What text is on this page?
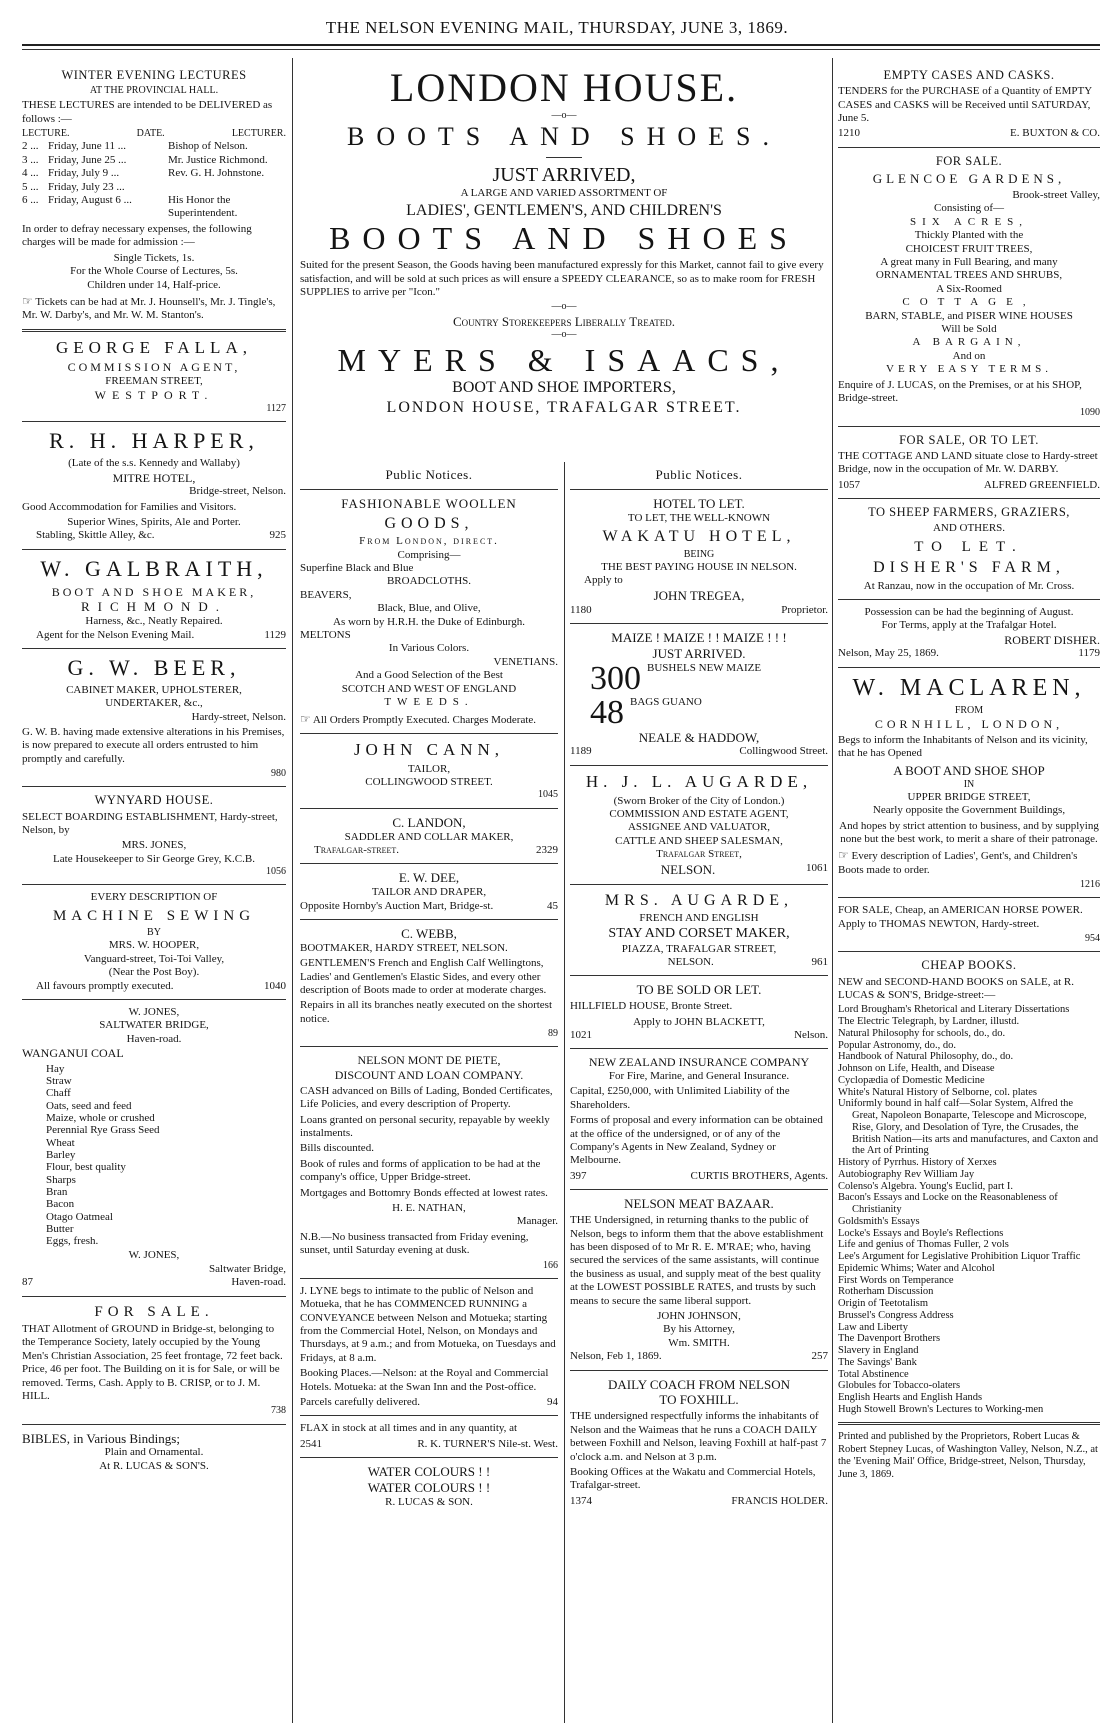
THE NELSON EVENING MAIL, THURSDAY, JUNE 3, 1869.
WINTER EVENING LECTURES
AT THE PROVINCIAL HALL.

THESE LECTURES are intended to be DELIVERED as follows :—

LECTURE.	DATE.	LECTURER.
2 ... Friday, June 11 ...	Bishop of Nelson.
3 ... Friday, June 25 ...	Mr. Justice Richmond.
4 ... Friday, July 9 ...	Rev. G. H. Johnstone.
5 ... Friday, July 23 ...
6 ... Friday, August 6 ...	His Honor the Superintendent.

In order to defray necessary expenses, the following charges will be made for admission :—

Single Tickets, 1s.
For the Whole Course of Lectures, 5s.
Children under 14, Half-price.

☞ Tickets can be had at Mr. J. Hounsell's, Mr. J. Tingle's, Mr. W. Darby's, and Mr. W. M. Stanton's.

GEORGE FALLA,
COMMISSION AGENT,
FREEMAN STREET,
WESTPORT.
1127
R. H. HARPER,
(Late of the s.s. Kennedy and Wallaby)
MITRE HOTEL,
Bridge-street, Nelson.

Good Accommodation for Families and Visitors.

Superior Wines, Spirits, Ale and Porter.
Stabling, Skittle Alley, &c.	925
W. GALBRAITH,
BOOT AND SHOE MAKER,
RICHMOND.
Harness, &c., Neatly Repaired.
Agent for the Nelson Evening Mail.	1129
G. W. BEER,
CABINET MAKER, UPHOLSTERER,
UNDERTAKER, &c.,
Hardy-street, Nelson.

G. W. B. having made extensive alterations in his Premises, is now prepared to execute all orders entrusted to him promptly and carefully.

980
WYNYARD HOUSE.

SELECT BOARDING ESTABLISHMENT, Hardy-street, Nelson, by

MRS. JONES,
Late Housekeeper to Sir George Grey, K.C.B.
1056
EVERY DESCRIPTION OF
MACHINE SEWING
BY
MRS. W. HOOPER,
Vanguard-street, Toi-Toi Valley,
(Near the Post Boy).
All favours promptly executed.	1040
W. JONES,
SALTWATER BRIDGE,
Haven-road.
WANGANUI COAL
Hay
Straw
Chaff
Oats, seed and feed
Maize, whole or crushed
Perennial Rye Grass Seed
Wheat
Barley
Flour, best quality
Sharps
Bran
Bacon
Otago Oatmeal
Butter
Eggs, fresh.
W. JONES,
Saltwater Bridge,
87	Haven-road.
FOR SALE.

THAT Allotment of GROUND in Bridge-st, belonging to the Temperance Society, lately occupied by the Young Men's Christian Association, 25 feet frontage, 72 feet back. Price, 46 per foot. The Building on it is for Sale, or will be removed. Terms, Cash. Apply to B. CRISP, or to J. M. HILL.

738
BIBLES, in Various Bindings;
Plain and Ornamental.
At R. LUCAS & SON'S.
LONDON HOUSE.
—o—
BOOTS AND SHOES.
JUST ARRIVED,
A LARGE AND VARIED ASSORTMENT OF
LADIES', GENTLEMEN'S, AND CHILDREN'S
BOOTS AND SHOES

Suited for the present Season, the Goods having been manufactured expressly for this Market, cannot fail to give every satisfaction, and will be sold at such prices as will ensure a SPEEDY CLEARANCE, so as to make room for FRESH SUPPLIES to arrive per "Icon."

—o—
Country Storekeepers Liberally Treated.
—o—
MYERS & ISAACS,
BOOT AND SHOE IMPORTERS,
LONDON HOUSE, TRAFALGAR STREET.
Public Notices.
FASHIONABLE WOOLLEN
GOODS,
From London, direct.
Comprising—
Superfine Black and Blue
BROADCLOTHS.
BEAVERS,
Black, Blue, and Olive,
As worn by H.R.H. the Duke of Edinburgh.
MELTONS
In Various Colors.
VENETIANS.
And a Good Selection of the Best
SCOTCH AND WEST OF ENGLAND
TWEEDS.

☞ All Orders Promptly Executed. Charges Moderate.

JOHN CANN,
TAILOR,
COLLINGWOOD STREET.
1045
C. LANDON,
SADDLER AND COLLAR MAKER,
Trafalgar-street.	2329
E. W. DEE,
TAILOR AND DRAPER,
Opposite Hornby's Auction Mart, Bridge-st.	45
C. WEBB,
BOOTMAKER, HARDY STREET, NELSON.

GENTLEMEN'S French and English Calf Wellingtons, Ladies' and Gentlemen's Elastic Sides, and every other description of Boots made to order at moderate charges.

Repairs in all its branches neatly executed on the shortest notice.

89
NELSON MONT DE PIETE,
DISCOUNT AND LOAN COMPANY.

CASH advanced on Bills of Lading, Bonded Certificates, Life Policies, and every description of Property.

Loans granted on personal security, repayable by weekly instalments.

Bills discounted.

Book of rules and forms of application to be had at the company's office, Upper Bridge-street.

Mortgages and Bottomry Bonds effected at lowest rates.

H. E. NATHAN,
Manager.

N.B.—No business transacted from Friday evening, sunset, until Saturday evening at dusk.

166

J. LYNE begs to intimate to the public of Nelson and Motueka, that he has COMMENCED RUNNING a CONVEYANCE between Nelson and Motueka; starting from the Commercial Hotel, Nelson, on Mondays and Thursdays, at 9 a.m.; and from Motueka, on Tuesdays and Fridays, at 8 a.m.

Booking Places.—Nelson: at the Royal and Commercial Hotels. Motueka: at the Swan Inn and the Post-office.

Parcels carefully delivered.	94

FLAX in stock at all times and in any quantity, at

2541	R. K. TURNER'S Nile-st. West.
WATER COLOURS ! !
WATER COLOURS ! !
R. LUCAS & SON.
Public Notices.
HOTEL TO LET.
TO LET, THE WELL-KNOWN
WAKATU HOTEL,
BEING
THE BEST PAYING HOUSE IN NELSON.
Apply to
JOHN TREGEA,
1180	Proprietor.
MAIZE ! MAIZE ! ! MAIZE ! ! !
JUST ARRIVED.
300 BUSHELS NEW MAIZE
48 BAGS GUANO
NEALE & HADDOW,
1189	Collingwood Street.
H. J. L. AUGARDE,
(Sworn Broker of the City of London.)
COMMISSION AND ESTATE AGENT,
ASSIGNEE AND VALUATOR,
CATTLE AND SHEEP SALESMAN,
Trafalgar Street,
NELSON.	1061
MRS. AUGARDE,
FRENCH AND ENGLISH
STAY AND CORSET MAKER,
PIAZZA, TRAFALGAR STREET,
NELSON.	961
TO BE SOLD OR LET.

HILLFIELD HOUSE, Bronte Street.

Apply to JOHN BLACKETT,
1021	Nelson.
NEW ZEALAND INSURANCE COMPANY
For Fire, Marine, and General Insurance.

Capital, £250,000, with Unlimited Liability of the Shareholders.

Forms of proposal and every information can be obtained at the office of the undersigned, or of any of the Company's Agents in New Zealand, Sydney or Melbourne.

397	CURTIS BROTHERS, Agents.
NELSON MEAT BAZAAR.

THE Undersigned, in returning thanks to the public of Nelson, begs to inform them that the above establishment has been disposed of to Mr R. E. M'RAE; who, having secured the services of the same assistants, will continue the business as usual, and supply meat of the best quality at the LOWEST POSSIBLE RATES, and trusts by such means to secure the same liberal support.

JOHN JOHNSON,
By his Attorney,
Wm. SMITH.
Nelson, Feb 1, 1869.	257
DAILY COACH FROM NELSON
TO FOXHILL.

THE undersigned respectfully informs the inhabitants of Nelson and the Waimeas that he runs a COACH DAILY between Foxhill and Nelson, leaving Foxhill at half-past 7 o'clock a.m. and Nelson at 3 p.m.

Booking Offices at the Wakatu and Commercial Hotels, Trafalgar-street.

1374	FRANCIS HOLDER.
EMPTY CASES AND CASKS.

TENDERS for the PURCHASE of a Quantity of EMPTY CASES and CASKS will be Received until SATURDAY, June 5.

1210	E. BUXTON & CO.
FOR SALE.
GLENCOE GARDENS,
Brook-street Valley,
Consisting of—
SIX ACRES,
Thickly Planted with the
CHOICEST FRUIT TREES,
A great many in Full Bearing, and many
ORNAMENTAL TREES AND SHRUBS,
A Six-Roomed
COTTAGE,
BARN, STABLE, and PISER WINE HOUSES
Will be Sold
A BARGAIN,
And on
VERY EASY TERMS.

Enquire of J. LUCAS, on the Premises, or at his SHOP, Bridge-street.

1090
FOR SALE, OR TO LET.

THE COTTAGE AND LAND situate close to Hardy-street Bridge, now in the occupation of Mr. W. DARBY.

1057	ALFRED GREENFIELD.
TO SHEEP FARMERS, GRAZIERS,
AND OTHERS.
TO LET.
DISHER'S FARM,
At Ranzau, now in the occupation of Mr. Cross.
Possession can be had the beginning of August.
For Terms, apply at the Trafalgar Hotel.
ROBERT DISHER.
Nelson, May 25, 1869.	1179
W. MACLAREN,
FROM
CORNHILL, LONDON,

Begs to inform the Inhabitants of Nelson and its vicinity, that he has Opened

A BOOT AND SHOE SHOP
IN
UPPER BRIDGE STREET,
Nearly opposite the Government Buildings,

And hopes by strict attention to business, and by supplying none but the best work, to merit a share of their patronage.

☞ Every description of Ladies', Gent's, and Children's Boots made to order.

1216

FOR SALE, Cheap, an AMERICAN HORSE POWER. Apply to THOMAS NEWTON, Hardy-street.

954
CHEAP BOOKS.

NEW and SECOND-HAND BOOKS on SALE, at R. LUCAS & SON'S, Bridge-street:—

Lord Brougham's Rhetorical and Literary Dissertations
The Electric Telegraph, by Lardner, illustd.
Natural Philosophy for schools, do., do.
Popular Astronomy, do., do.
Handbook of Natural Philosophy, do., do.
Johnson on Life, Health, and Disease
Cyclopædia of Domestic Medicine
White's Natural History of Selborne, col. plates
Uniformly bound in half calf—Solar System, Alfred the Great, Napoleon Bonaparte, Telescope and Microscope, Rise, Glory, and Desolation of Tyre, the Crusades, the British Nation—its arts and manufactures, and Caxton and the Art of Printing
History of Pyrrhus. History of Xerxes
Autobiography Rev William Jay
Colenso's Algebra. Young's Euclid, part I.
Bacon's Essays and Locke on the Reasonableness of Christianity
Goldsmith's Essays
Locke's Essays and Boyle's Reflections
Life and genius of Thomas Fuller, 2 vols
Lee's Argument for Legislative Prohibition Liquor Traffic
Epidemic Whims; Water and Alcohol
First Words on Temperance
Rotherham Discussion
Origin of Teetotalism
Brussel's Congress Address
Law and Liberty
The Davenport Brothers
Slavery in England
The Savings' Bank
Total Abstinence
Globules for Tobacco-olaters
English Hearts and English Hands
Hugh Stowell Brown's Lectures to Working-men

Printed and published by the Proprietors, Robert Lucas & Robert Stepney Lucas, of Washington Valley, Nelson, N.Z., at the 'Evening Mail' Office, Bridge-street, Nelson, Thursday, June 3, 1869.
